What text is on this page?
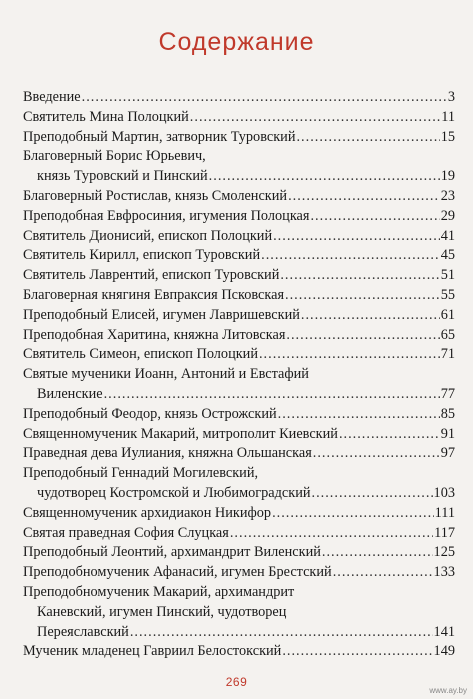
Содержание
Введение .....	3
Святитель Мина Полоцкий .....	11
Преподобный Мартин, затворник Туровский .....	15
Благоверный Борис Юрьевич,
князь Туровский и Пинский .....	19
Благоверный Ростислав, князь Смоленский .....	23
Преподобная Евфросиния, игумения Полоцкая .....	29
Святитель Дионисий, епископ Полоцкий .....	41
Святитель Кирилл, епископ Туровский .....	45
Святитель Лаврентий, епископ Туровский .....	51
Благоверная княгиня Евпраксия Псковская .....	55
Преподобный Елисей, игумен Лавришевский .....	61
Преподобная Харитина, княжна Литовская .....	65
Святитель Симеон, епископ Полоцкий .....	71
Святые мученики Иоанн, Антоний и Евстафий
Виленские .....	77
Преподобный Феодор, князь Острожский .....	85
Священномученик Макарий, митрополит Киевский .....	91
Праведная дева Иулиания, княжна Ольшанская .....	97
Преподобный Геннадий Могилевский,
чудотворец Костромской и Любимоградский .....	103
Священномученик архидиакон Никифор .....	111
Святая праведная София Слуцкая .....	117
Преподобный Леонтий, архимандрит Виленский .....	125
Преподобномученик Афанасий, игумен Брестский .....	133
Преподобномученик Макарий, архимандрит
Каневский, игумен Пинский, чудотворец
Переяславский .....	141
Мученик младенец Гавриил Белостокский .....	149
269
www.ay.by
